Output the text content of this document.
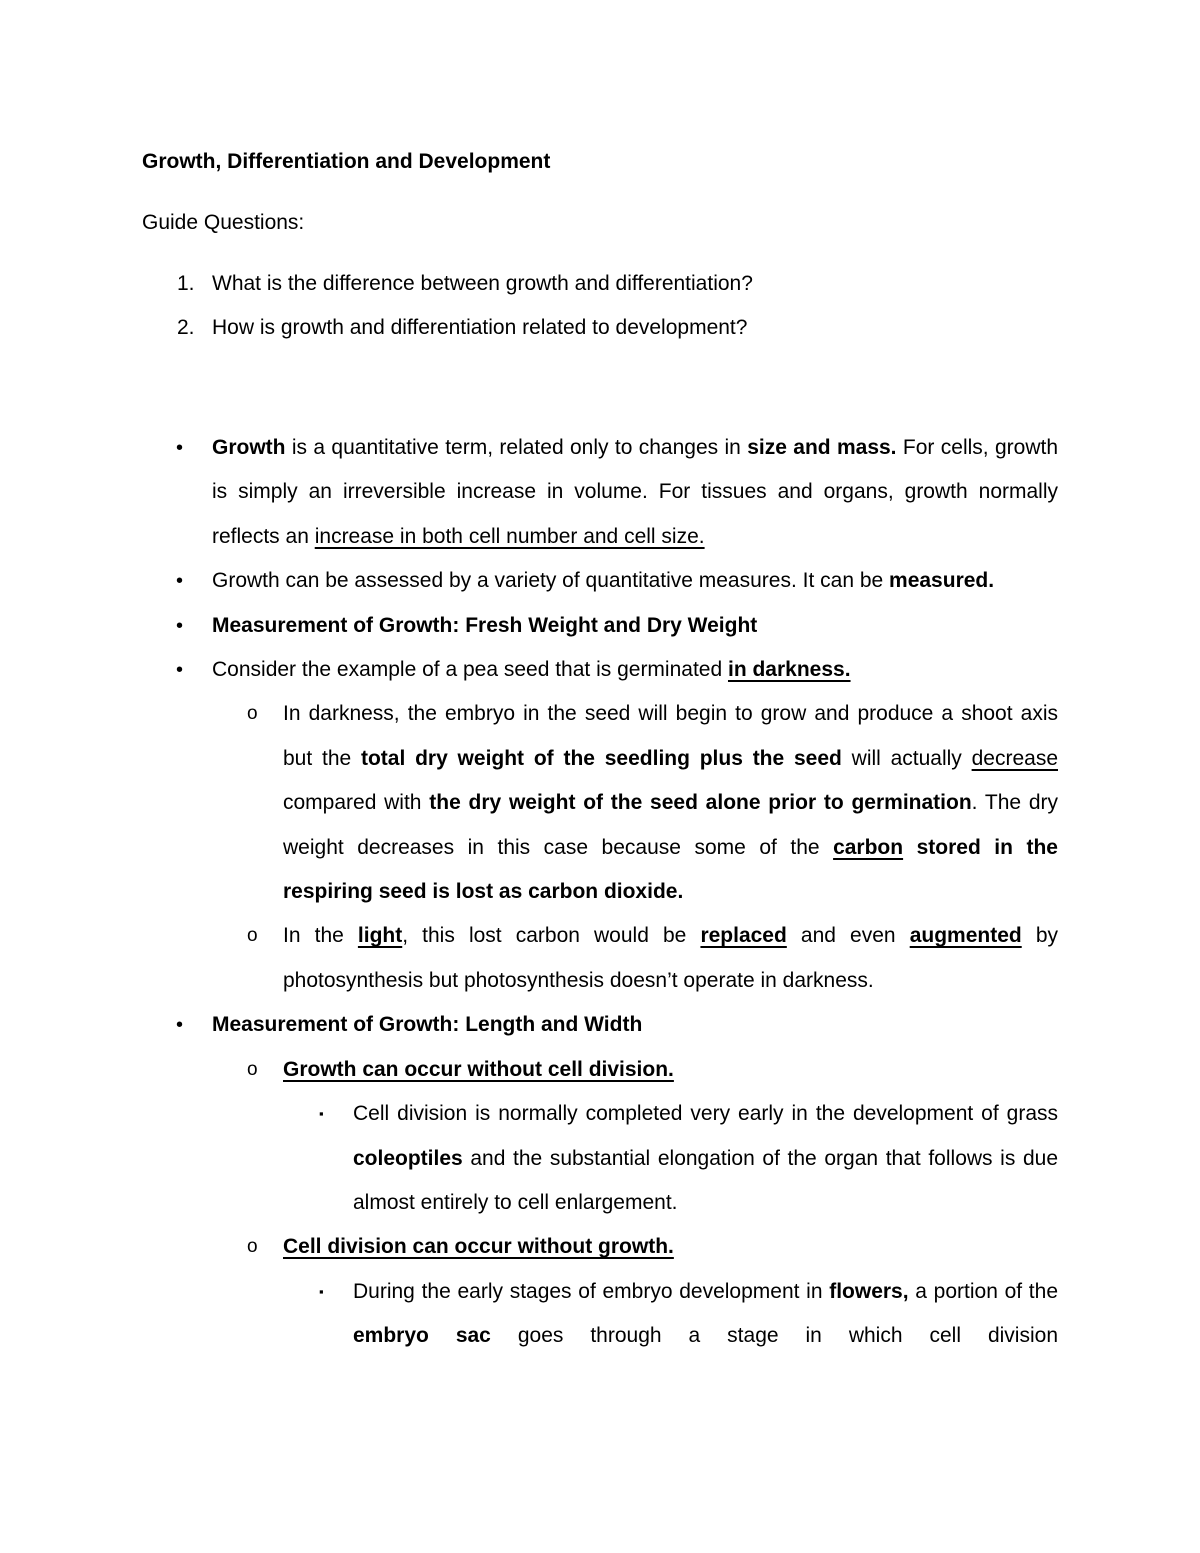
Growth, Differentiation and Development

Guide Questions:

1. What is the difference between growth and differentiation?
2. How is growth and differentiation related to development?
• Growth is a quantitative term, related only to changes in size and mass. For cells, growth is simply an irreversible increase in volume. For tissues and organs, growth normally reflects an increase in both cell number and cell size.
• Growth can be assessed by a variety of quantitative measures. It can be measured.
• Measurement of Growth: Fresh Weight and Dry Weight
• Consider the example of a pea seed that is germinated in darkness.
o In darkness, the embryo in the seed will begin to grow and produce a shoot axis but the total dry weight of the seedling plus the seed will actually decrease compared with the dry weight of the seed alone prior to germination. The dry weight decreases in this case because some of the carbon stored in the respiring seed is lost as carbon dioxide.
o In the light, this lost carbon would be replaced and even augmented by photosynthesis but photosynthesis doesn’t operate in darkness.
• Measurement of Growth: Length and Width
o Growth can occur without cell division.
▪ Cell division is normally completed very early in the development of grass coleoptiles and the substantial elongation of the organ that follows is due almost entirely to cell enlargement.
o Cell division can occur without growth.
▪ During the early stages of embryo development in flowers, a portion of the embryo sac goes through a stage in which cell division
